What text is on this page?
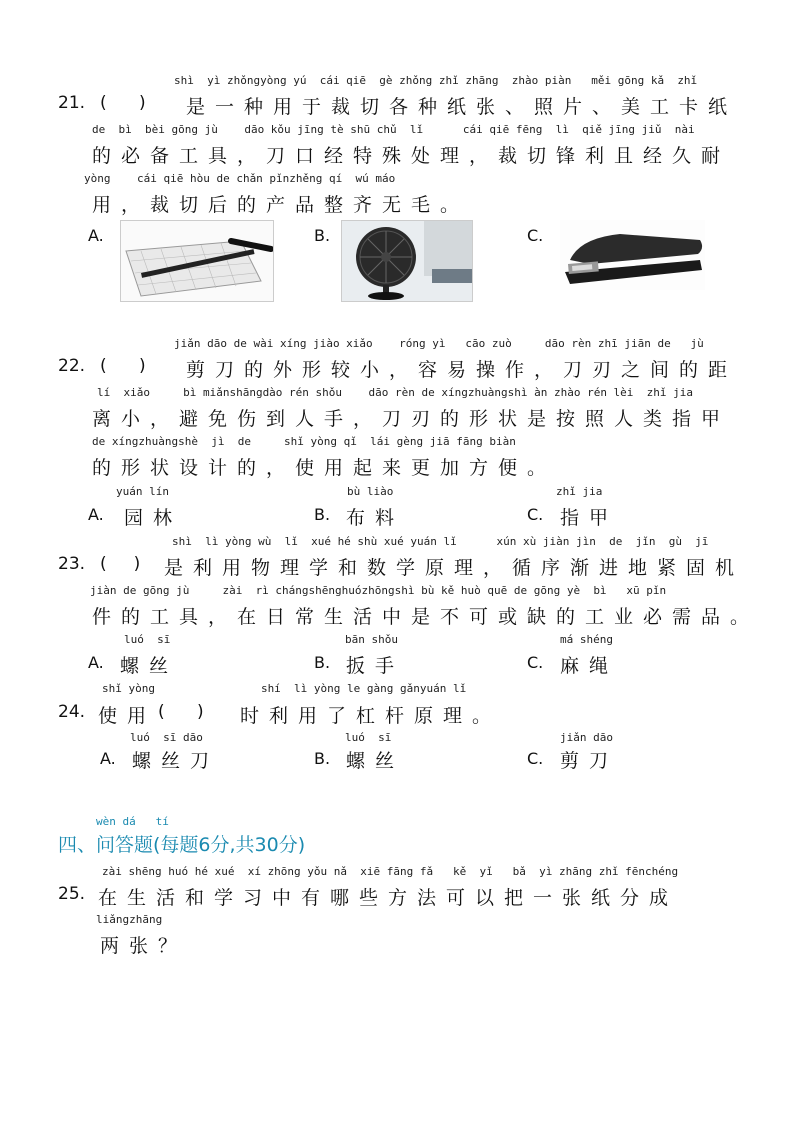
shì  yì zhǒngyòng yú  cái qiē  gè zhǒng zhǐ zhāng  zhào piàn   měi gōng kǎ  zhǐ
21. (      ) 是一种用于裁切各种纸张、照片、美工卡纸
de  bì  bèi gōng jù    dāo kǒu jīng tè shū chǔ  lǐ      cái qiē fēng  lì  qiě jīng jiǔ  nài
的必备工具，刀口经特殊处理，裁切锋利且经久耐
yòng    cái qiē hòu de chǎn pǐnzhěng qí  wú máo
用，裁切后的产品整齐无毛。
A.	B.	C.
jiǎn dāo de wài xíng jiào xiǎo    róng yì   cāo zuò     dāo rèn zhī jiān de   jù
22. (      ) 剪刀的外形较小，容易操作，刀刃之间的距
lí  xiǎo     bì miǎnshāngdào rén shǒu    dāo rèn de xíngzhuàngshì àn zhào rén lèi  zhǐ jia
离小，避免伤到人手，刀刃的形状是按照人类指甲
de xíngzhuàngshè  jì  de     shǐ yòng qǐ  lái gèng jiā fāng biàn
的形状设计的，使用起来更加方便。
yuán lín
A. 园林
bù liào
B. 布料
zhǐ jia
C. 指甲
shì  lì yòng wù  lǐ  xué hé shù xué yuán lǐ      xún xù jiàn jìn  de  jǐn  gù  jī
23. (     ) 是利用物理学和数学原理，循序渐进地紧固机
jiàn de gōng jù     zài  rì chángshēnghuózhōngshì bù kě huò quē de gōng yè  bì   xū pǐn
件的工具，在日常生活中是不可或缺的工业必需品。
luó  sī
A. 螺丝
bān shǒu
B. 扳手
má shéng
C. 麻绳
shǐ yòng                shí  lì yòng le gàng gǎnyuán lǐ
24. 使用 (      ) 时利用了杠杆原理。
luó  sī dāo
A. 螺丝刀
luó  sī
B. 螺丝
jiǎn dāo
C. 剪刀
wèn dá   tí
四、问答题(每题6分,共30分)
zài shēng huó hé xué  xí zhōng yǒu nǎ  xiē fāng fǎ   kě  yǐ   bǎ  yì zhāng zhǐ fēnchéng
25. 在生活和学习中有哪些方法可以把一张纸分成
liǎngzhāng
两张？
